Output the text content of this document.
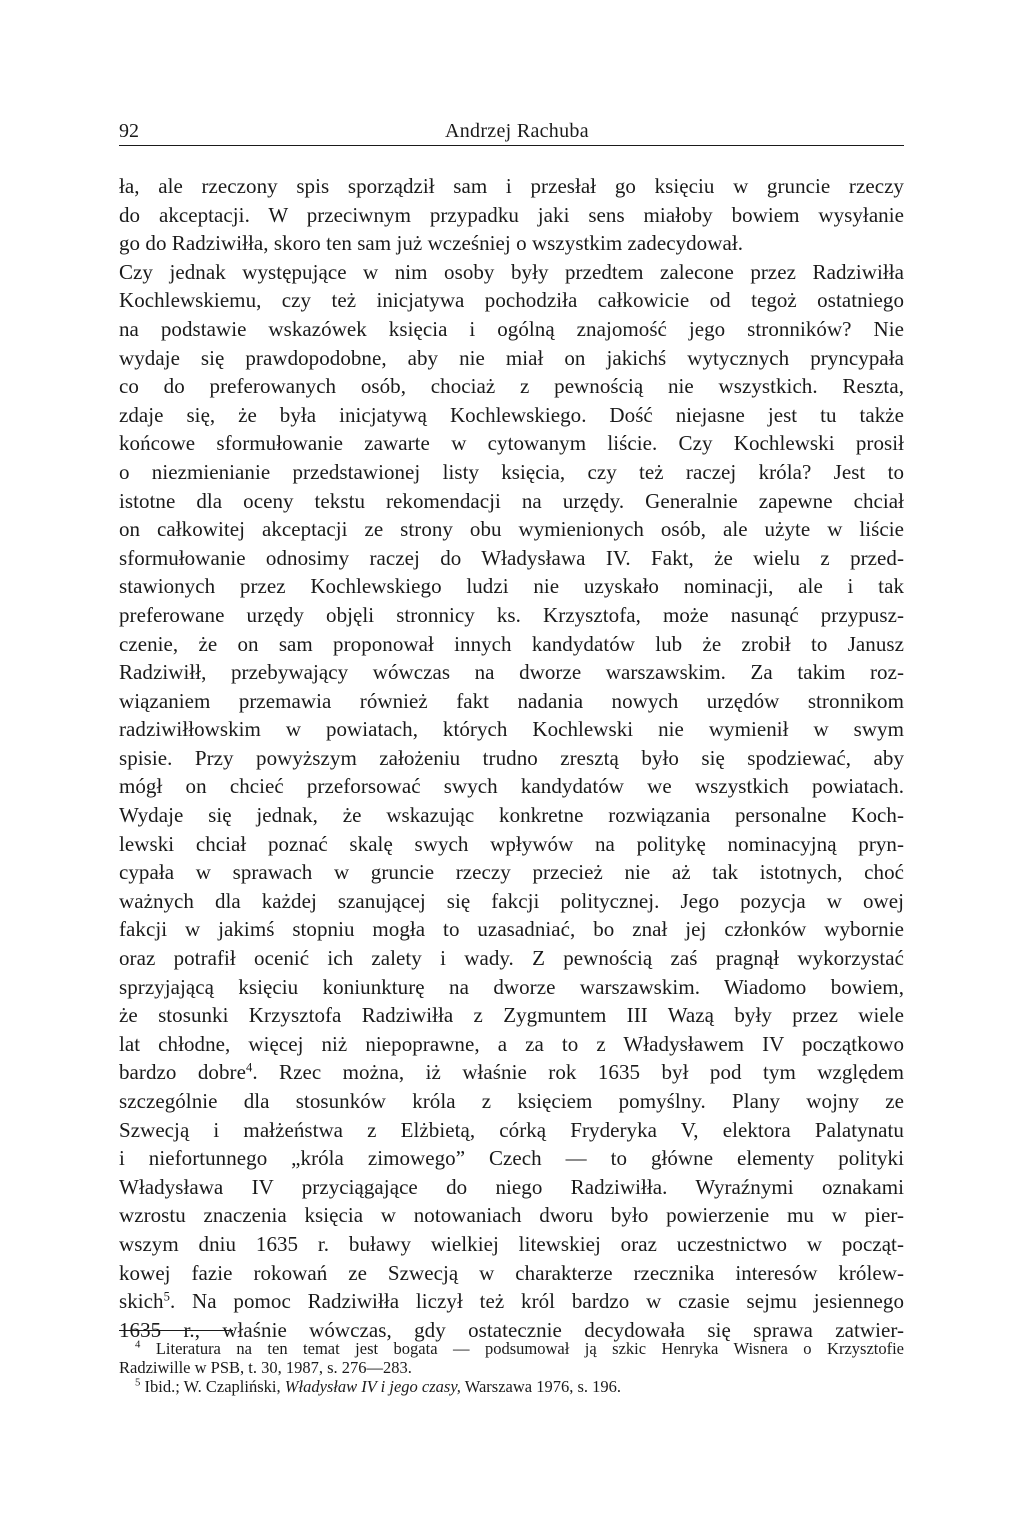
92	Andrzej Rachuba
ła, ale rzeczony spis sporządził sam i przesłał go księciu w gruncie rzeczy
do akceptacji. W przeciwnym przypadku jaki sens miałoby bowiem wysyłanie
go do Radziwiłła, skoro ten sam już wcześniej o wszystkim zadecydował.
Czy jednak występujące w nim osoby były przedtem zalecone przez Radziwiłła
Kochlewskiemu, czy też inicjatywa pochodziła całkowicie od tegoż ostatniego
na podstawie wskazówek księcia i ogólną znajomość jego stronników? Nie
wydaje się prawdopodobne, aby nie miał on jakichś wytycznych pryncypała
co do preferowanych osób, chociaż z pewnością nie wszystkich. Reszta,
zdaje się, że była inicjatywą Kochlewskiego. Dość niejasne jest tu także
końcowe sformułowanie zawarte w cytowanym liście. Czy Kochlewski prosił
o niezmienianie przedstawionej listy księcia, czy też raczej króla? Jest to
istotne dla oceny tekstu rekomendacji na urzędy. Generalnie zapewne chciał
on całkowitej akceptacji ze strony obu wymienionych osób, ale użyte w liście
sformułowanie odnosimy raczej do Władysława IV. Fakt, że wielu z przed-
stawionych przez Kochlewskiego ludzi nie uzyskało nominacji, ale i tak
preferowane urzędy objęli stronnicy ks. Krzysztofa, może nasunąć przypusz-
czenie, że on sam proponował innych kandydatów lub że zrobił to Janusz
Radziwiłł, przebywający wówczas na dworze warszawskim. Za takim roz-
wiązaniem przemawia również fakt nadania nowych urzędów stronnikom
radziwiłłowskim w powiatach, których Kochlewski nie wymienił w swym
spisie. Przy powyższym założeniu trudno zresztą było się spodziewać, aby
mógł on chcieć przeforsować swych kandydatów we wszystkich powiatach.
Wydaje się jednak, że wskazując konkretne rozwiązania personalne Koch-
lewski chciał poznać skalę swych wpływów na politykę nominacyjną pryn-
cypała w sprawach w gruncie rzeczy przecież nie aż tak istotnych, choć
ważnych dla każdej szanującej się fakcji politycznej. Jego pozycja w owej
fakcji w jakimś stopniu mogła to uzasadniać, bo znał jej członków wybornie
oraz potrafił ocenić ich zalety i wady. Z pewnością zaś pragnął wykorzystać
sprzyjającą księciu koniunkturę na dworze warszawskim. Wiadomo bowiem,
że stosunki Krzysztofa Radziwiłła z Zygmuntem III Wazą były przez wiele
lat chłodne, więcej niż niepoprawne, a za to z Władysławem IV początkowo
bardzo dobre$^4$. Rzec można, iż właśnie rok 1635 był pod tym względem
szczególnie dla stosunków króla z księciem pomyślny. Plany wojny ze
Szwecją i małżeństwa z Elżbietą, córką Fryderyka V, elektora Palatynatu
i niefortunnego „króla zimowego” Czech — to główne elementy polityki
Władysława IV przyciągające do niego Radziwiłła. Wyraźnymi oznakami
wzrostu znaczenia księcia w notowaniach dworu było powierzenie mu w pier-
wszym dniu 1635 r. buławy wielkiej litewskiej oraz uczestnictwo w począt-
kowej fazie rokowań ze Szwecją w charakterze rzecznika interesów królew-
skich$^5$. Na pomoc Radziwiłła liczył też król bardzo w czasie sejmu jesiennego
1635 r., właśnie wówczas, gdy ostatecznie decydowała się sprawa zatwier-
$^4$ Literatura na ten temat jest bogata — podsumował ją szkic Henryka Wisnera o Krzysztofie
Radziwille w PSB, t. 30, 1987, s. 276—283.
$^5$ Ibid.; W. Czapliński, Władysław IV i jego czasy, Warszawa 1976, s. 196.
